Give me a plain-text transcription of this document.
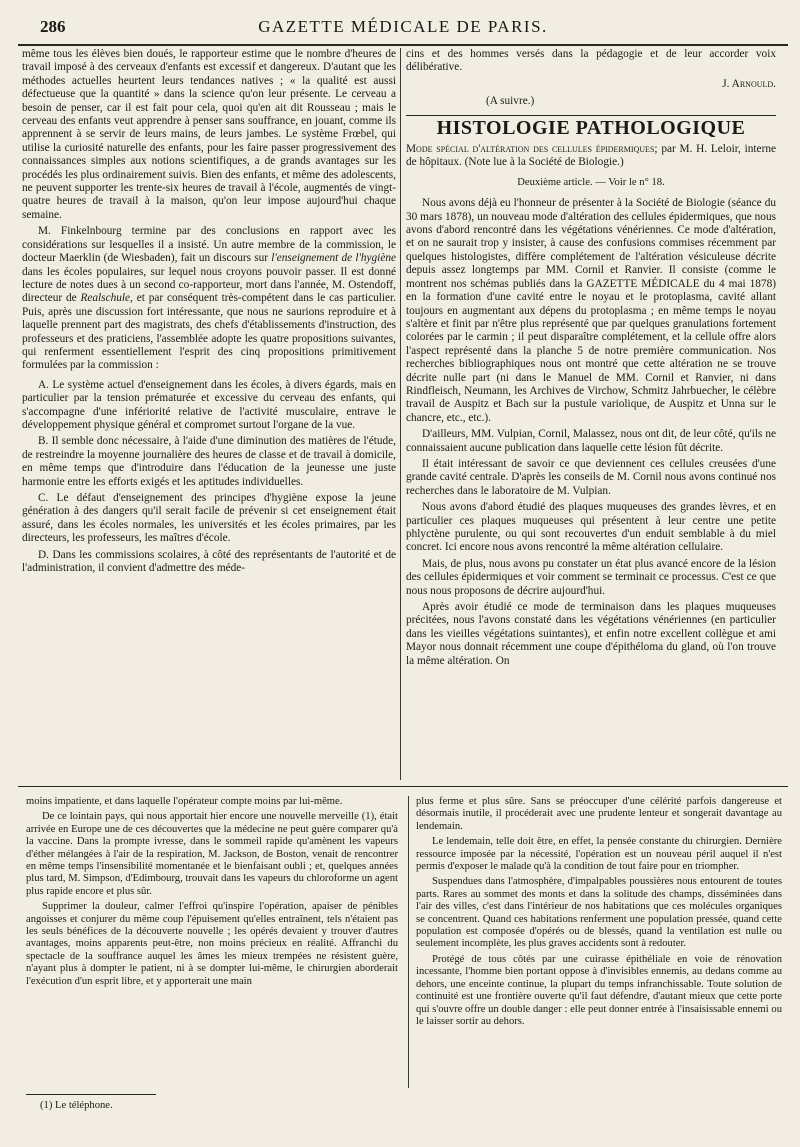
286	GAZETTE MÉDICALE DE PARIS.

même tous les élèves bien doués, le rapporteur estime que le nombre d'heures de travail imposé à des cerveaux d'enfants est excessif et dangereux. D'autant que les méthodes actuelles heurtent leurs tendances natives ; « la qualité est aussi défectueuse que la quantité » dans la science qu'on leur présente. Le cerveau a besoin de penser, car il est fait pour cela, quoi qu'en ait dit Rousseau ; mais le cerveau des enfants veut apprendre à penser sans souffrance, en jouant, comme ils apprennent à se servir de leurs mains, de leurs jambes. Le système Frœbel, qui utilise la curiosité naturelle des enfants, pour les faire passer progressivement des connaissances simples aux notions scientifiques, a de grands avantages sur les procédés les plus ordinairement suivis. Bien des enfants, et même des adolescents, ne peuvent supporter les trente-six heures de travail à l'école, augmentés de vingt-quatre heures de travail à la maison, qu'on leur impose aujourd'hui chaque semaine.

M. Finkelnbourg termine par des conclusions en rapport avec les considérations sur lesquelles il a insisté. Un autre membre de la commission, le docteur Maerklin (de Wiesbaden), fait un discours sur l'enseignement de l'hygiène dans les écoles populaires, sur lequel nous croyons pouvoir passer. Il est donné lecture de notes dues à un second co-rapporteur, mort dans l'année, M. Ostendoff, directeur de Realschule, et par conséquent très-compétent dans le cas particulier. Puis, après une discussion fort intéressante, que nous ne saurions reproduire et à laquelle prennent part des magistrats, des chefs d'établissements d'instruction, des professeurs et des praticiens, l'assemblée adopte les quatre propositions suivantes, qui renferment essentiellement l'esprit des cinq propositions primitivement formulées par la commission :

A. Le système actuel d'enseignement dans les écoles, à divers égards, mais en particulier par la tension prématurée et excessive du cerveau des enfants, qui s'accompagne d'une infériorité relative de l'activité musculaire, entrave le développement physique général et compromet surtout l'organe de la vue.

B. Il semble donc nécessaire, à l'aide d'une diminution des matières de l'étude, de restreindre la moyenne journalière des heures de classe et de travail à domicile, en même temps que d'introduire dans l'éducation de la jeunesse une juste harmonie entre les efforts exigés et les aptitudes individuelles.

C. Le défaut d'enseignement des principes d'hygiène expose la jeune génération à des dangers qu'il serait facile de prévenir si cet enseignement était assuré, dans les écoles normales, les universités et les écoles primaires, par les directeurs, les professeurs, les maîtres d'école.

D. Dans les commissions scolaires, à côté des représentants de l'autorité et de l'administration, il convient d'admettre des méde-

cins et des hommes versés dans la pédagogie et de leur accorder voix délibérative.

J. Arnould.
(A suivre.)
HISTOLOGIE PATHOLOGIQUE

Mode spécial d'altération des cellules épidermiques; par M. H. Leloir, interne de hôpitaux. (Note lue à la Société de Biologie.)

Deuxième article. — Voir le n° 18.

Nous avons déjà eu l'honneur de présenter à la Société de Biologie (séance du 30 mars 1878), un nouveau mode d'altération des cellules épidermiques, que nous avons d'abord rencontré dans les végétations vénériennes. Ce mode d'altération, et on ne saurait trop y insister, à cause des confusions commises récemment par quelques histologistes, diffère complétement de l'altération vésiculeuse décrite depuis assez longtemps par MM. Cornil et Ranvier. Il consiste (comme le montrent nos schémas publiés dans la GAZETTE MÉDICALE du 4 mai 1878) en la formation d'une cavité entre le noyau et le protoplasma, cavité allant toujours en augmentant aux dépens du protoplasma ; en même temps le noyau s'altère et finit par n'être plus représenté que par quelques granulations fortement colorées par le carmin ; il peut disparaître complétement, et la cellule offre alors l'aspect représenté dans la planche 5 de notre première communication. Nos recherches bibliographiques nous ont montré que cette altération ne se trouve décrite nulle part (ni dans le Manuel de MM. Cornil et Ranvier, ni dans Rindfleisch, Neumann, les Archives de Virchow, Schmitz Jahrbuecher, le célèbre travail de Auspitz et Bach sur la pustule variolique, de Auspitz et Unna sur le chancre, etc., etc.).

D'ailleurs, MM. Vulpian, Cornil, Malassez, nous ont dit, de leur côté, qu'ils ne connaissaient aucune publication dans laquelle cette lésion fût décrite.

Il était intéressant de savoir ce que deviennent ces cellules creusées d'une grande cavité centrale. D'après les conseils de M. Cornil nous avons continué nos recherches dans le laboratoire de M. Vulpian.

Nous avons d'abord étudié des plaques muqueuses des grandes lèvres, et en particulier ces plaques muqueuses qui présentent à leur centre une petite phlyctène purulente, ou qui sont recouvertes d'un enduit semblable à du miel concret. Ici encore nous avons rencontré la même altération cellulaire.

Mais, de plus, nous avons pu constater un état plus avancé encore de la lésion des cellules épidermiques et voir comment se terminait ce processus. C'est ce que nous nous proposons de décrire aujourd'hui.

Après avoir étudié ce mode de terminaison dans les plaques muqueuses précitées, nous l'avons constaté dans les végétations vénériennes (en particulier dans les vieilles végétations suintantes), et enfin notre excellent collègue et ami Mayor nous donnait récemment une coupe d'épithéloma du gland, où l'on trouve la même altération. On

moins impatiente, et dans laquelle l'opérateur compte moins par lui-même.

De ce lointain pays, qui nous apportait hier encore une nouvelle merveille (1), était arrivée en Europe une de ces découvertes que la médecine ne peut guère comparer qu'à la vaccine. Dans la prompte ivresse, dans le sommeil rapide qu'amènent les vapeurs d'éther mélangées à l'air de la respiration, M. Jackson, de Boston, venait de rencontrer en même temps l'insensibilité momentanée et le bienfaisant oubli ; et, quelques années plus tard, M. Simpson, d'Edimbourg, trouvait dans les vapeurs du chloroforme un agent plus rapide encore et plus sûr.

Supprimer la douleur, calmer l'effroi qu'inspire l'opération, apaiser de pénibles angoisses et conjurer du même coup l'épuisement qu'elles entraînent, tels n'étaient pas les seuls bénéfices de la découverte nouvelle ; les opérés devaient y trouver d'autres avantages, moins apparents peut-être, non moins précieux en réalité. Affranchi du spectacle de la souffrance auquel les âmes les mieux trempées ne résistent guère, n'ayant plus à dompter le patient, ni à se dompter lui-même, le chirurgien aborderait l'exécution d'un esprit libre, et y apporterait une main

plus ferme et plus sûre. Sans se préoccuper d'une célérité parfois dangereuse et désormais inutile, il procéderait avec une prudente lenteur et songerait davantage au lendemain.

Le lendemain, telle doit être, en effet, la pensée constante du chirurgien. Dernière ressource imposée par la nécessité, l'opération est un nouveau péril auquel il n'est permis d'exposer le malade qu'à la condition de tout faire pour en triompher.

Suspendues dans l'atmosphère, d'impalpables poussières nous entourent de toutes parts. Rares au sommet des monts et dans la solitude des champs, disséminées dans l'air des villes, c'est dans l'intérieur de nos habitations que ces molécules organiques se concentrent. Quand ces habitations renferment une population pressée, quand cette population est composée d'opérés ou de blessés, quand la ventilation est nulle ou seulement incomplète, les plus graves accidents sont à redouter.

Protégé de tous côtés par une cuirasse épithéliale en voie de rénovation incessante, l'homme bien portant oppose à d'invisibles ennemis, au dedans comme au dehors, une enceinte continue, la plupart du temps infranchissable. Toute solution de continuité est une frontière ouverte qu'il faut défendre, d'autant mieux que cette porte qui s'ouvre offre un double danger : elle peut donner entrée à l'insaisissable ennemi ou le laisser sortir au dehors.

(1) Le téléphone.
